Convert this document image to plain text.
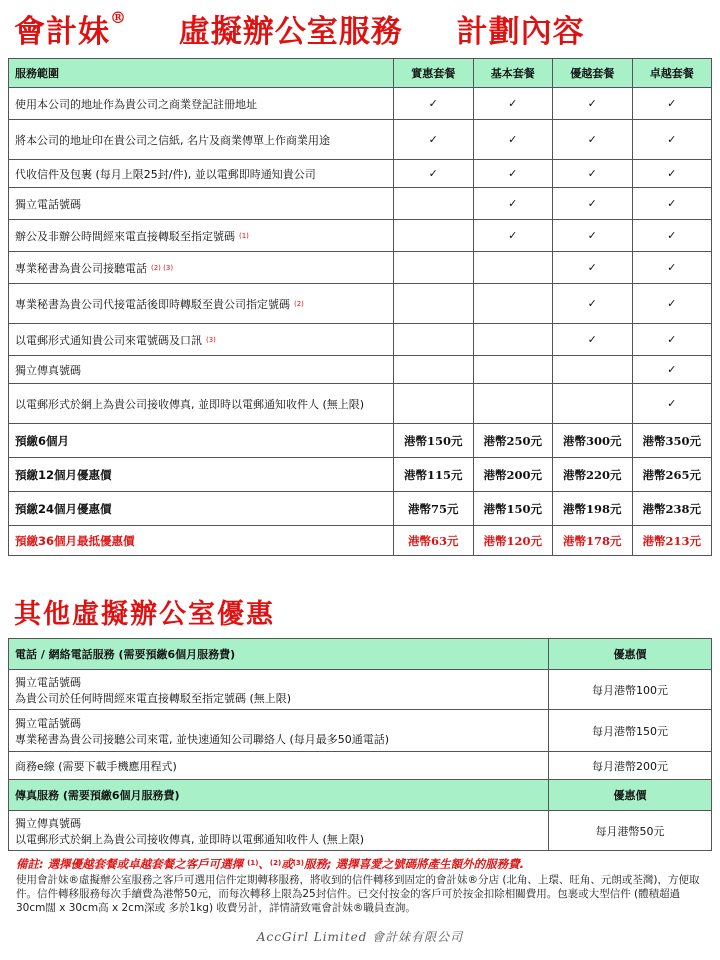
會計妹® 虛擬辦公室服務 計劃內容
服務範圍	實惠套餐	基本套餐	優越套餐	卓越套餐
使用本公司的地址作為貴公司之商業登記註冊地址	✓	✓	✓	✓
將本公司的地址印在貴公司之信紙, 名片及商業傳單上作商業用途	✓	✓	✓	✓
代收信件及包裹 (每月上限25封/件), 並以電郵即時通知貴公司	✓	✓	✓	✓
獨立電話號碼		✓	✓	✓
辦公及非辦公時間經來電直接轉駁至指定號碼 (1)		✓	✓	✓
專業秘書為貴公司接聽電話 (2) (3)			✓	✓
專業秘書為貴公司代接電話後即時轉駁至貴公司指定號碼 (2)			✓	✓
以電郵形式通知貴公司來電號碼及口訊 (3)			✓	✓
獨立傳真號碼				✓
以電郵形式於網上為貴公司接收傳真, 並即時以電郵通知收件人 (無上限)				✓
預繳6個月	港幣150元	港幣250元	港幣300元	港幣350元
預繳12個月優惠價	港幣115元	港幣200元	港幣220元	港幣265元
預繳24個月優惠價	港幣75元	港幣150元	港幣198元	港幣238元
預繳36個月最抵優惠價	港幣63元	港幣120元	港幣178元	港幣213元
其他虛擬辦公室優惠
電話 / 網絡電話服務 (需要預繳6個月服務費)	優惠價

獨立電話號碼
為貴公司於任何時間經來電直接轉駁至指定號碼 (無上限)	每月港幣100元

獨立電話號碼
專業秘書為貴公司接聽公司來電, 並快速通知公司聯絡人 (每月最多50通電話)	每月港幣150元

商務e線 (需要下載手機應用程式)	每月港幣200元
傳真服務 (需要預繳6個月服務費)	優惠價

獨立傳真號碼
以電郵形式於網上為貴公司接收傳真, 並即時以電郵通知收件人 (無上限)	每月港幣50元
備註: 選擇優越套餐或卓越套餐之客戶可選擇 $^{(1)}$、$^{(2)}$或$^{(3)}$服務; 選擇喜愛之號碼將產生額外的服務費.
使用會計妹®虛擬辦公室服務之客戶可選用信件定期轉移服務，將收到的信件轉移到固定的會計妹®分店 (北角、上環、旺角、元朗或荃灣)，方便取件。信件轉移服務每次手續費為港幣50元，而每次轉移上限為25封信件。已交付按金的客戶可於按金扣除相關費用。包裹或大型信件 (體積超過30cm闊 x 30cm高 x 2cm深或 多於1kg) 收費另計，詳情請致電會計妹®職員查詢。
AccGirl Limited 會計妹有限公司
